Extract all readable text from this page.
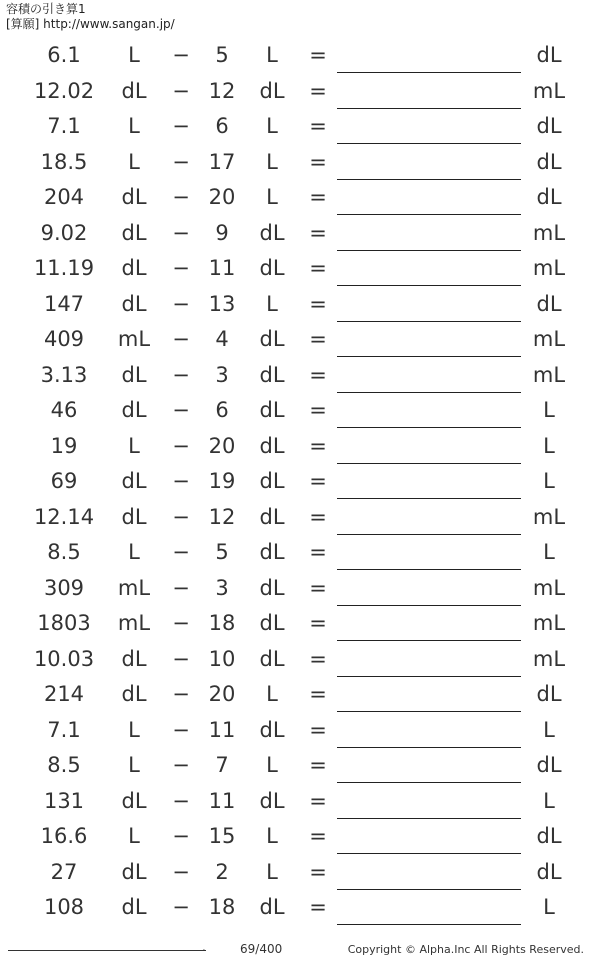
容積の引き算1
[算願] http://www.sangan.jp/
6.1	L	−	5	L	=	dL
12.02	dL	− 12	dL	=	mL
7.1	L	−	6	L	=	dL
18.5	L	− 17	L	=	dL
204	dL	− 20	L	=	dL
9.02	dL	−	9	dL	=	mL
11.19	dL	− 11	dL	=	mL
147	dL	− 13	L	=	dL
409	mL	−	4	dL	=	mL
3.13	dL	−	3	dL	=	mL
46	dL	−	6	dL	=	L
19	L	− 20	dL	=	L
69	dL	− 19	dL	=	L
12.14	dL	− 12	dL	=	mL
8.5	L	−	5	dL	=	L
309	mL	−	3	dL	=	mL
1803	mL	− 18	dL	=	mL
10.03	dL	− 10	dL	=	mL
214	dL	− 20	L	=	dL
7.1	L	− 11	dL	=	L
8.5	L	−	7	L	=	dL
131	dL	− 11	dL	=	L
16.6	L	− 15	L	=	dL
27	dL	−	2	L	=	dL
108	dL	− 18	dL	=	L
.	69/400	Copyright © Alpha.Inc All Rights Reserved.
